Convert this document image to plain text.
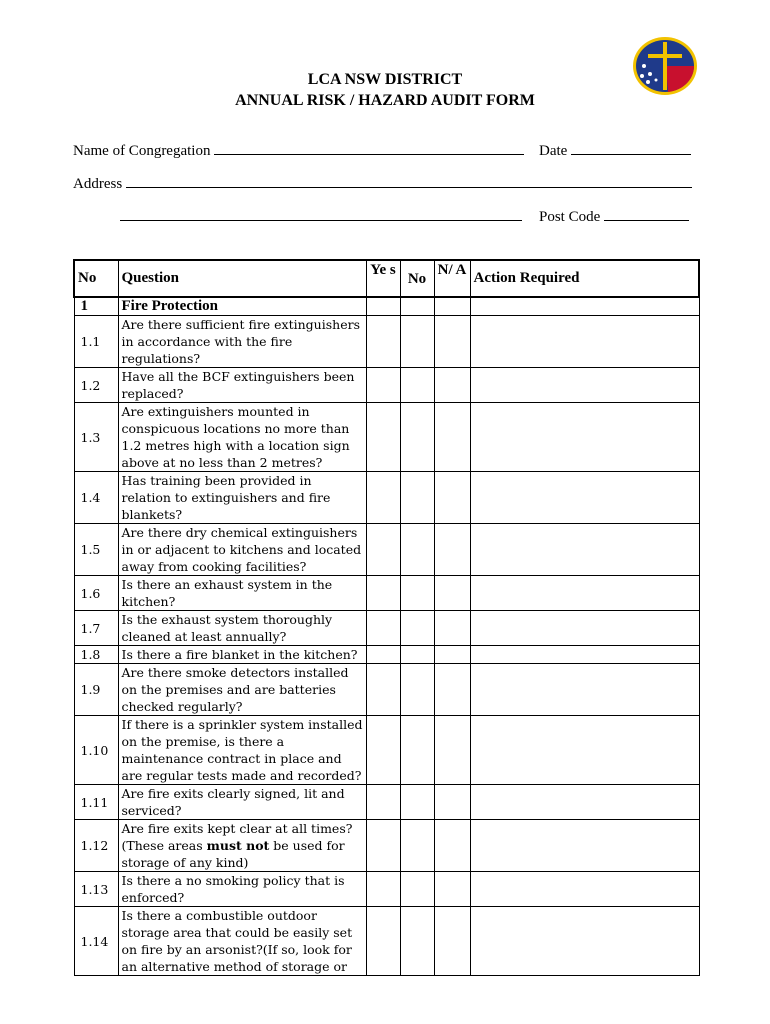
LCA NSW DISTRICT
ANNUAL RISK / HAZARD AUDIT FORM
Name of Congregation	Date
Address
Post Code
No	Question	Ye s	No	N/ A	Action Required
1	Fire Protection				
1.1	Are there sufficient fire extinguishers in accordance with the fire regulations?				
1.2	Have all the BCF extinguishers been replaced?				
1.3	Are extinguishers mounted in conspicuous locations no more than 1.2 metres high with a location sign above at no less than 2 metres?				
1.4	Has training been provided in relation to extinguishers and fire blankets?				
1.5	Are there dry chemical extinguishers in or adjacent to kitchens and located away from cooking facilities?				
1.6	Is there an exhaust system in the kitchen?				
1.7	Is the exhaust system thoroughly cleaned at least annually?				
1.8	Is there a fire blanket in the kitchen?				
1.9	Are there smoke detectors installed on the premises and are batteries checked regularly?				
1.10	If there is a sprinkler system installed on the premise, is there a maintenance contract in place and are regular tests made and recorded?				
1.11	Are fire exits clearly signed, lit and serviced?				
1.12	Are fire exits kept clear at all times? (These areas must not be used for storage of any kind)				
1.13	Is there a no smoking policy that is enforced?				
1.14	Is there a combustible outdoor storage area that could be easily set on fire by an arsonist?(If so, look for an alternative method of storage or				
